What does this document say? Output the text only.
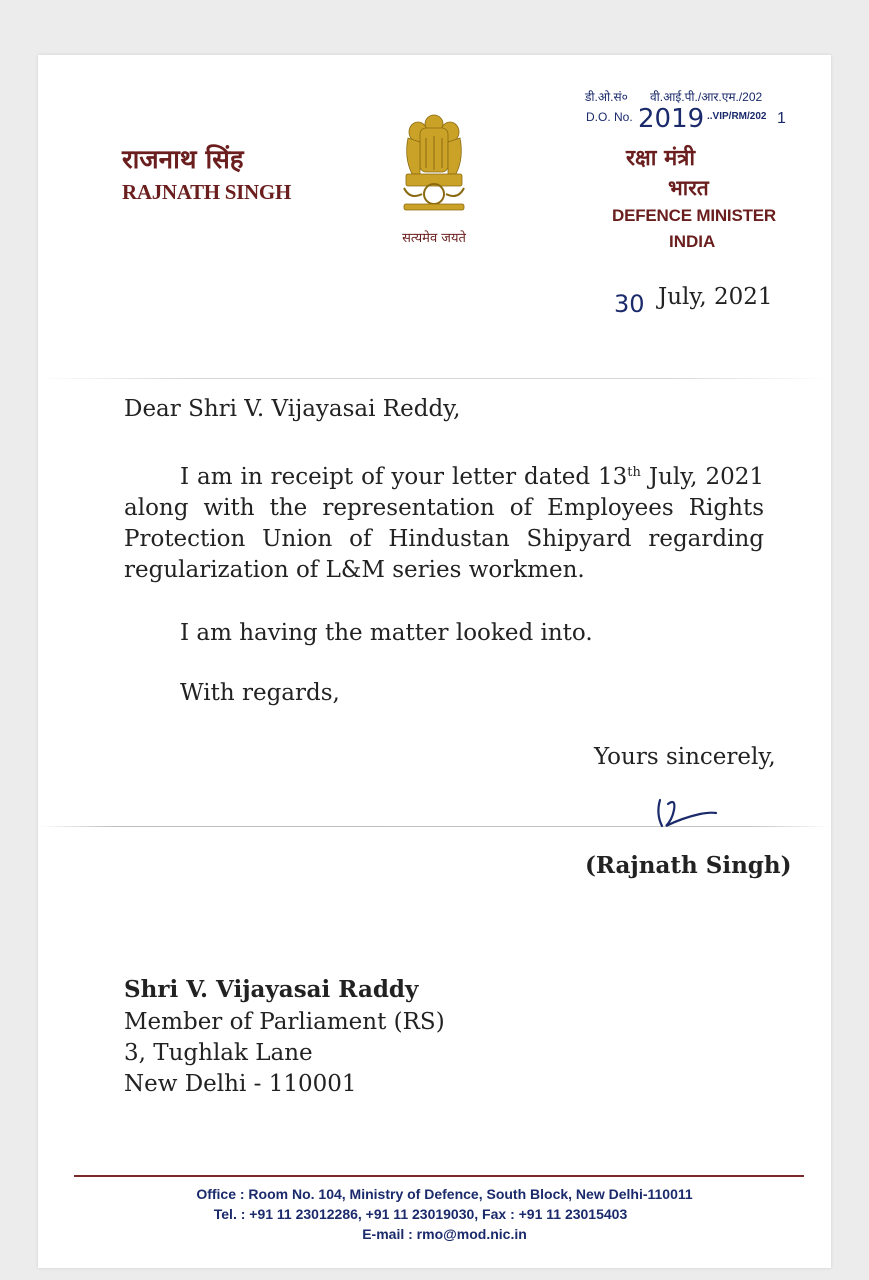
राजनाथ सिंह
RAJNATH SINGH
सत्यमेव जयते
डी.ओ.सं० वी.आई.पी./आर.एम./202
D.O. No. 2019 ..VIP/RM/202 1
रक्षा मंत्री
भारत
DEFENCE MINISTER
INDIA
30 July, 2021
Dear Shri V. Vijayasai Reddy,
I am in receipt of your letter dated 13th July, 2021 along with the representation of Employees Rights Protection Union of Hindustan Shipyard regarding regularization of L&M series workmen.
I am having the matter looked into.
With regards,
Yours sincerely,
(Rajnath Singh)
Shri V. Vijayasai Raddy
Member of Parliament (RS)
3, Tughlak Lane
New Delhi - 110001
Office : Room No. 104, Ministry of Defence, South Block, New Delhi-110011
Tel. : +91 11 23012286, +91 11 23019030, Fax : +91 11 23015403
E-mail : rmo@mod.nic.in
